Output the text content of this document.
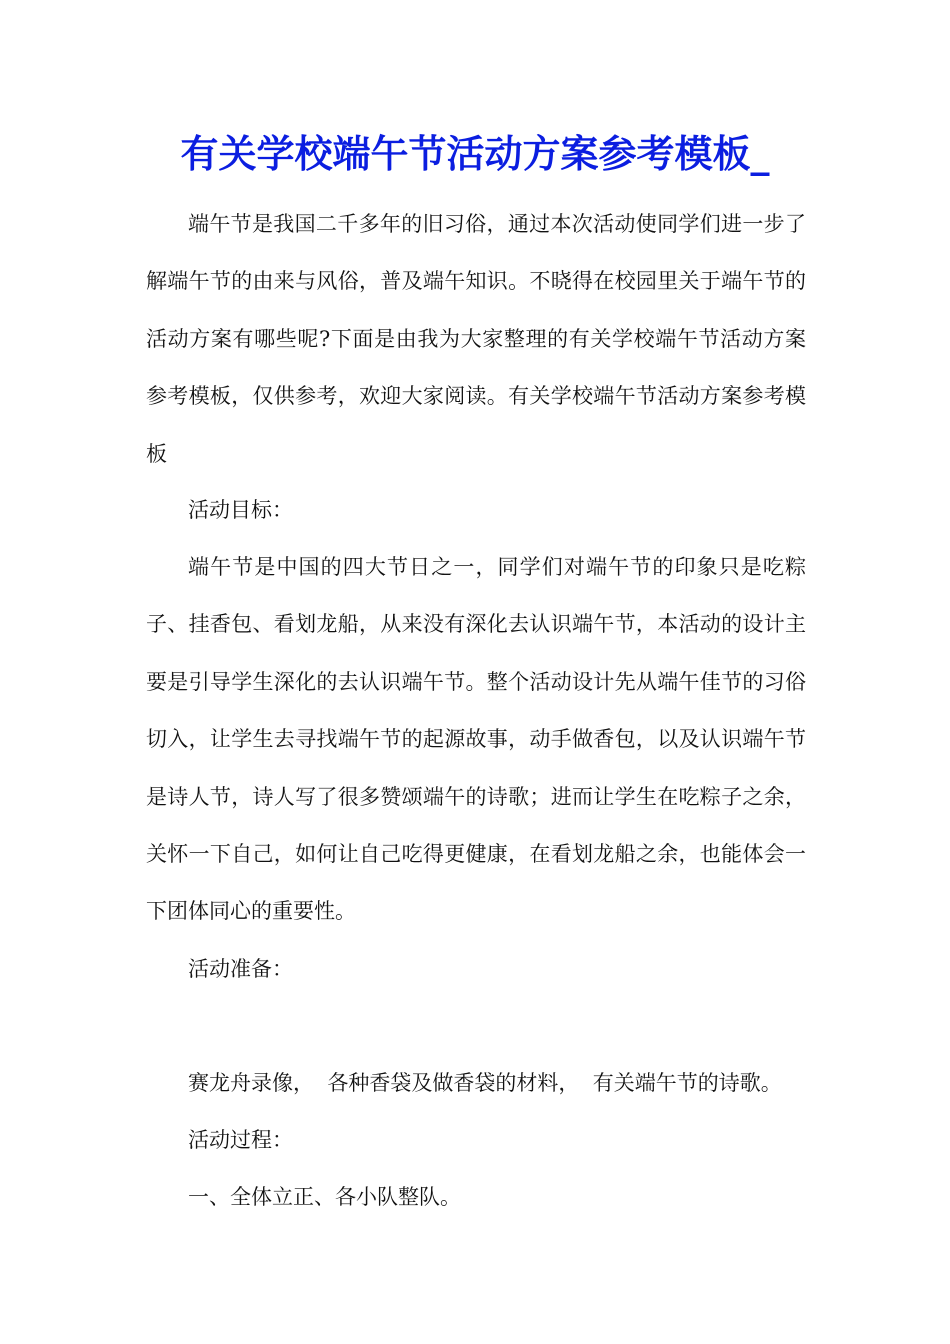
有关学校端午节活动方案参考模板_

端午节是我国二千多年的旧习俗，通过本次活动使同学们进一步了解端午节的由来与风俗，普及端午知识。不晓得在校园里关于端午节的活动方案有哪些呢?下面是由我为大家整理的有关学校端午节活动方案参考模板，仅供参考，欢迎大家阅读。有关学校端午节活动方案参考模板

活动目标：

端午节是中国的四大节日之一，同学们对端午节的印象只是吃粽子、挂香包、看划龙船，从来没有深化去认识端午节，本活动的设计主要是引导学生深化的去认识端午节。整个活动设计先从端午佳节的习俗切入，让学生去寻找端午节的起源故事，动手做香包，以及认识端午节是诗人节，诗人写了很多赞颂端午的诗歌；进而让学生在吃粽子之余，关怀一下自己，如何让自己吃得更健康，在看划龙船之余，也能体会一下团体同心的重要性。

活动准备：

赛龙舟录像，  各种香袋及做香袋的材料，  有关端午节的诗歌。

活动过程：

一、全体立正、各小队整队。
